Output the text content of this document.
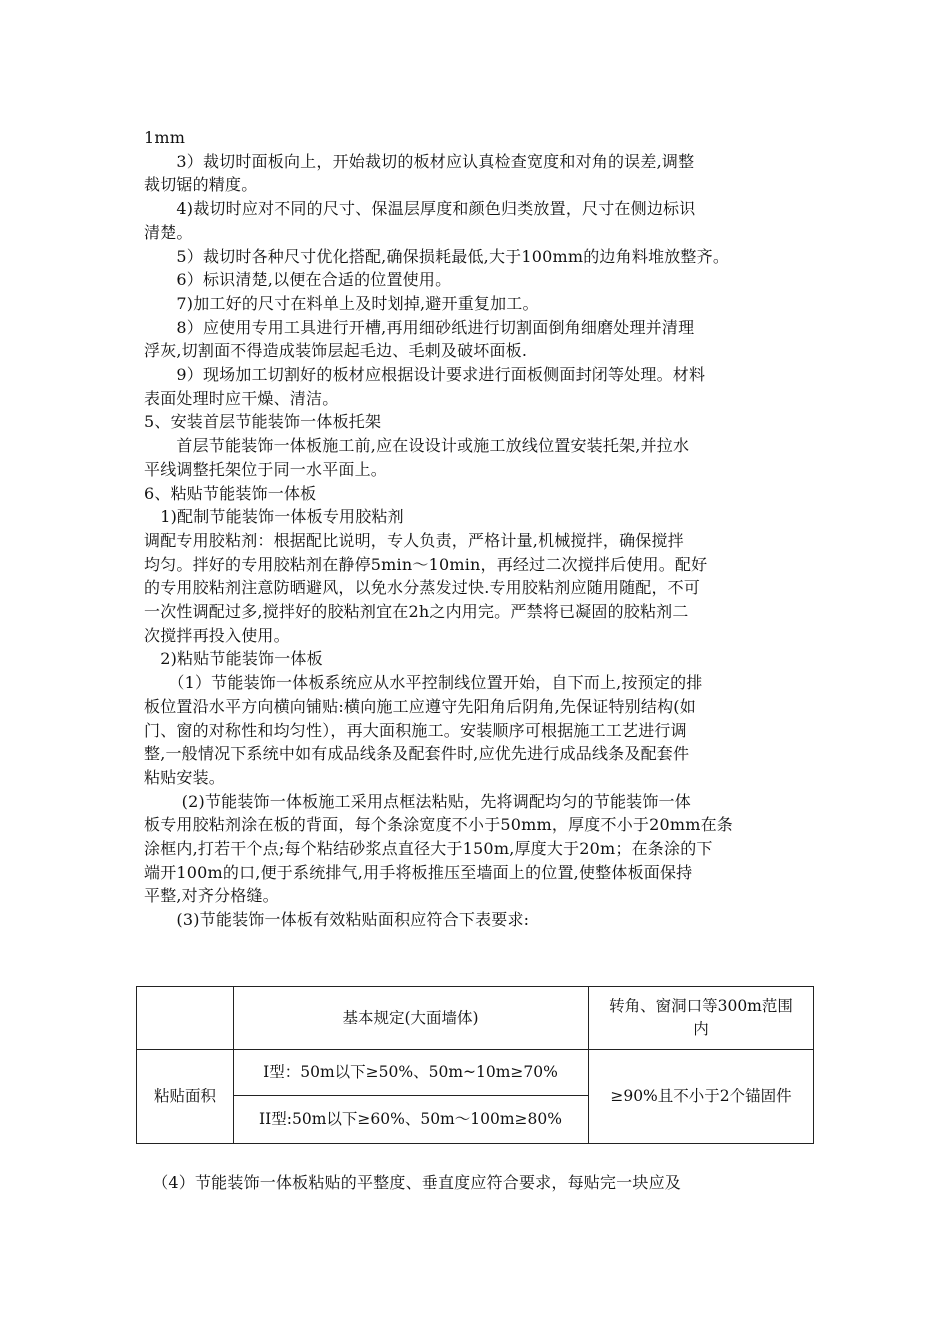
1mm
　　3）裁切时面板向上，开始裁切的板材应认真检查宽度和对角的误差,调整
裁切锯的精度。
　　4)裁切时应对不同的尺寸、保温层厚度和颜色归类放置，尺寸在侧边标识
清楚。
　　5）裁切时各种尺寸优化搭配,确保损耗最低,大于100mm的边角料堆放整齐。
　　6）标识清楚,以便在合适的位置使用。
　　7)加工好的尺寸在料单上及时划掉,避开重复加工。
　　8）应使用专用工具进行开槽,再用细砂纸进行切割面倒角细磨处理并清理
浮灰,切割面不得造成装饰层起毛边、毛刺及破坏面板.
　　9）现场加工切割好的板材应根据设计要求进行面板侧面封闭等处理。材料
表面处理时应干燥、清洁。
5、安装首层节能装饰一体板托架
　　首层节能装饰一体板施工前,应在设设计或施工放线位置安装托架,并拉水
平线调整托架位于同一水平面上。
6、粘贴节能装饰一体板
　1)配制节能装饰一体板专用胶粘剂
调配专用胶粘剂：根据配比说明，专人负责，严格计量,机械搅拌，确保搅拌
均匀。拌好的专用胶粘剂在静停5min～10min，再经过二次搅拌后使用。配好
的专用胶粘剂注意防晒避风，以免水分蒸发过快.专用胶粘剂应随用随配，不可
一次性调配过多,搅拌好的胶粘剂宜在2h之内用完。严禁将已凝固的胶粘剂二
次搅拌再投入使用。
　2)粘贴节能装饰一体板
　　（1）节能装饰一体板系统应从水平控制线位置开始，自下而上,按预定的排
板位置沿水平方向横向铺贴:横向施工应遵守先阳角后阴角,先保证特别结构(如
门、窗的对称性和均匀性），再大面积施工。安装顺序可根据施工工艺进行调
整,一般情况下系统中如有成品线条及配套件时,应优先进行成品线条及配套件
粘贴安装。
　　 (2)节能装饰一体板施工采用点框法粘贴，先将调配均匀的节能装饰一体
板专用胶粘剂涂在板的背面，每个条涂宽度不小于50mm，厚度不小于20mm在条
涂框内,打若干个点;每个粘结砂浆点直径大于150m,厚度大于20m；在条涂的下
端开100m的口,便于系统排气,用手将板推压至墙面上的位置,使整体板面保持
平整,对齐分格缝。
　　(3)节能装饰一体板有效粘贴面积应符合下表要求:
基本规定(大面墙体)
转角、窗洞口等300m范围内
粘贴面积
I型：50m以下≥50%、50m~10m≥70%
II型:50m以下≥60%、50m～100m≥80%
≥90%且不小于2个锚固件
　（4）节能装饰一体板粘贴的平整度、垂直度应符合要求，每贴完一块应及
